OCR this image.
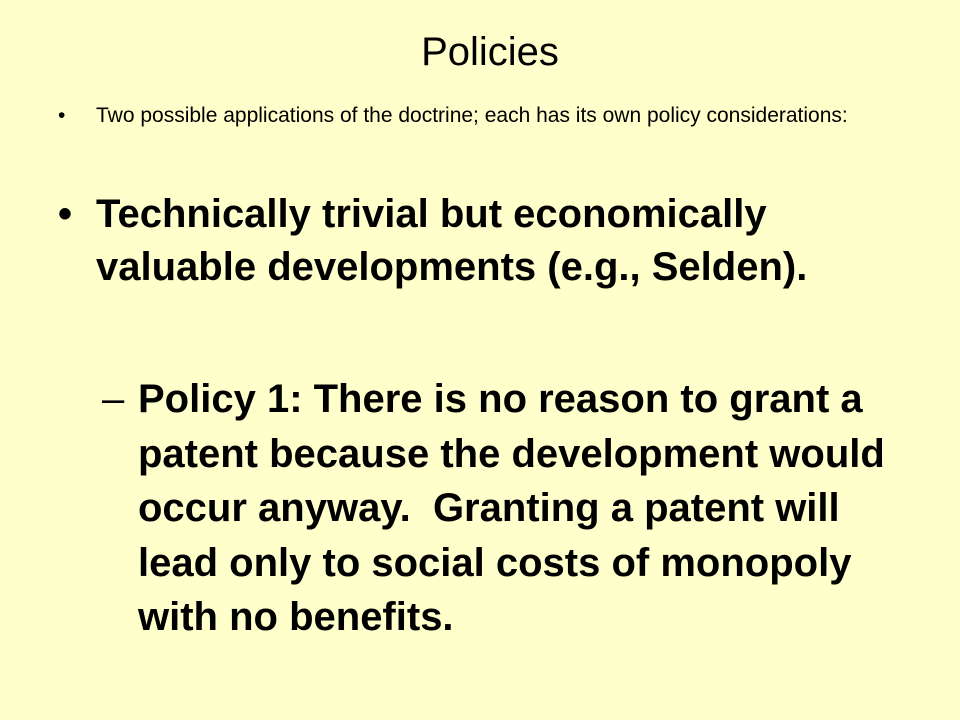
Policies

• Two possible applications of the doctrine; each has its own policy considerations:

• Technically trivial but economically valuable developments (e.g., Selden).

– Policy 1: There is no reason to grant a patent because the development would occur anyway.  Granting a patent will lead only to social costs of monopoly with no benefits.
